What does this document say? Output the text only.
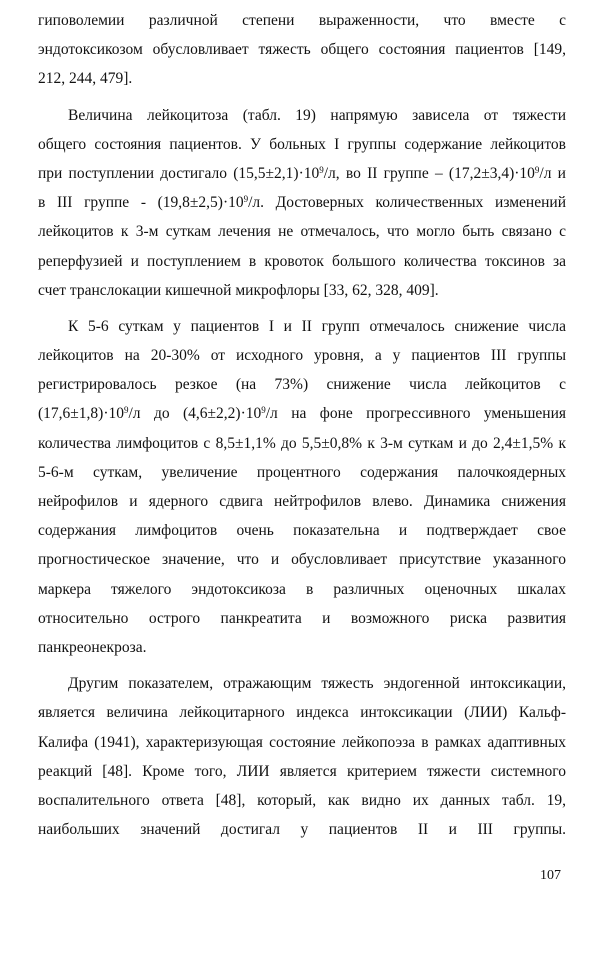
гиповолемии различной степени выраженности, что вместе с
эндотоксикозом обусловливает тяжесть общего состояния пациентов [149,
212, 244, 479].
Величина лейкоцитоза (табл. 19) напрямую зависела от тяжести
общего состояния пациентов. У больных I группы содержание лейкоцитов
при поступлении достигало $(15,5\pm 2,1)\cdot 10^9/л$, во II группе – $(17,2\pm 3,4)\cdot 10^9/л$ и
в III группе - $(19,8\pm 2,5)\cdot 10^9/л$. Достоверных количественных изменений
лейкоцитов к 3-м суткам лечения не отмечалось, что могло быть связано с
реперфузией и поступлением в кровоток большого количества токсинов за
счет транслокации кишечной микрофлоры [33, 62, 328, 409].
К 5-6 суткам у пациентов I и II групп отмечалось снижение числа
лейкоцитов на 20-30% от исходного уровня, а у пациентов III группы
регистрировалось резкое (на 73%) снижение числа лейкоцитов с
$(17,6\pm 1,8)\cdot 10^9/л$ до $(4,6\pm 2,2)\cdot 10^9/л$ на фоне прогрессивного уменьшения
количества лимфоцитов с 8,5±1,1% до 5,5±0,8% к 3-м суткам и до 2,4±1,5% к
5-6-м суткам, увеличение процентного содержания палочкоядерных
нейрофилов и ядерного сдвига нейтрофилов влево. Динамика снижения
содержания лимфоцитов очень показательна и подтверждает свое
прогностическое значение, что и обусловливает присутствие указанного
маркера тяжелого эндотоксикоза в различных оценочных шкалах
относительно острого панкреатита и возможного риска развития
панкреонекроза.
Другим показателем, отражающим тяжесть эндогенной интоксикации,
является величина лейкоцитарного индекса интоксикации (ЛИИ) Кальф-
Калифа (1941), характеризующая состояние лейкопоэза в рамках адаптивных
реакций [48]. Кроме того, ЛИИ является критерием тяжести системного
воспалительного ответа [48], который, как видно их данных табл. 19,
наибольших значений достигал у пациентов II и III группы.
107
